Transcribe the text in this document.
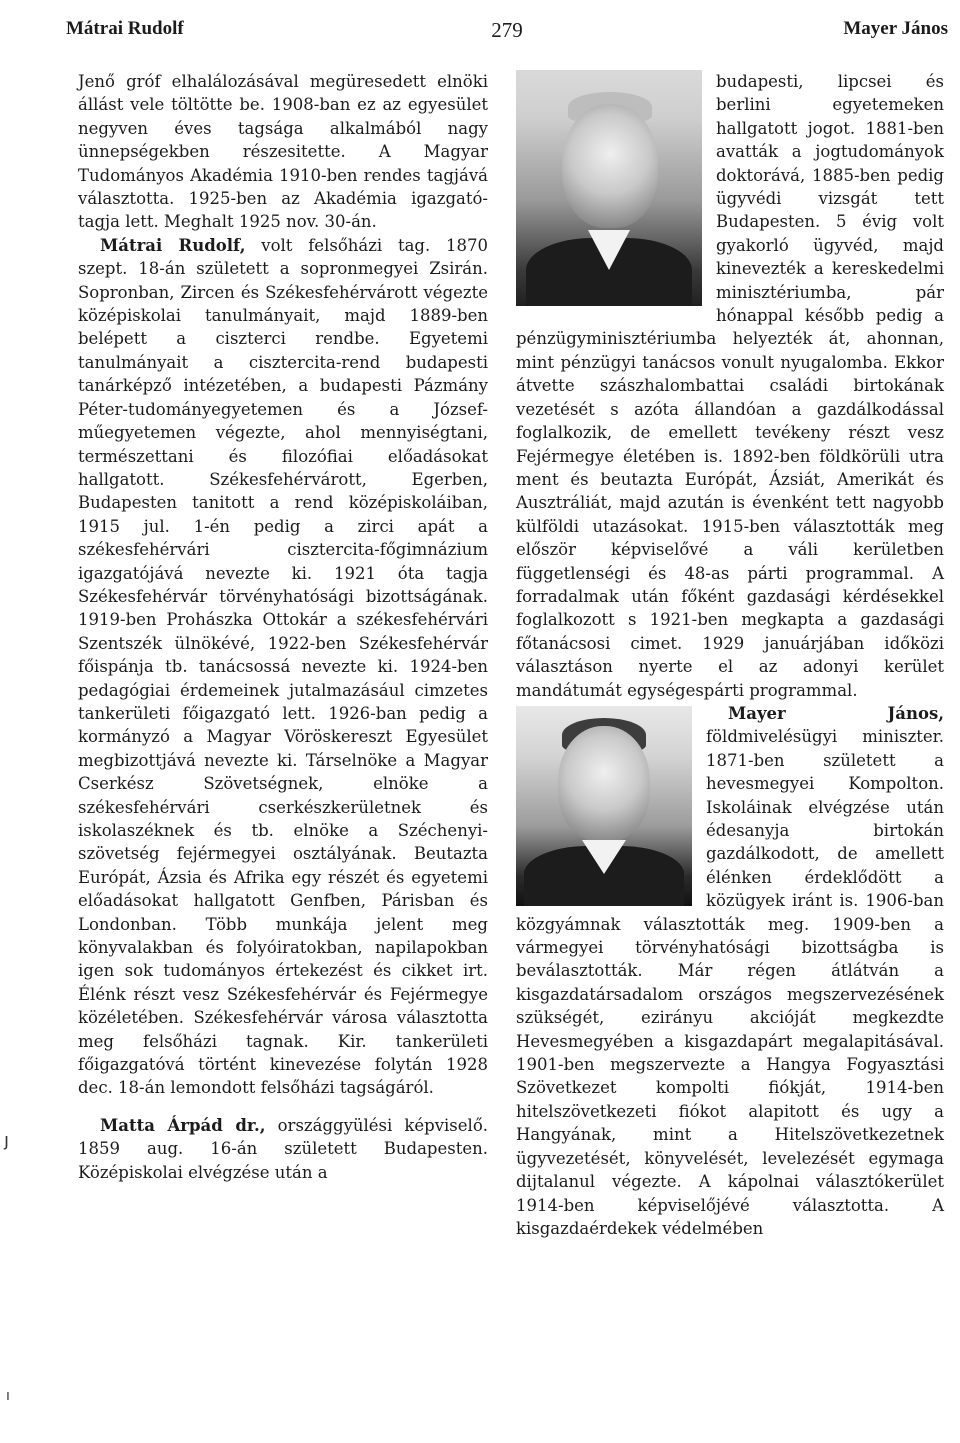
Mátrai Rudolf	279	Mayer János

Jenő gróf elhalálozásával megüresedett elnöki állást vele töltötte be. 1908-ban ez az egyesület negyven éves tagsága alkalmából nagy ünnepségekben részesitette. A Magyar Tudományos Akadémia 1910-ben rendes tagjává választotta. 1925-ben az Akadémia igazgató-tagja lett. Meghalt 1925 nov. 30-án.

Mátrai Rudolf, volt felsőházi tag. 1870 szept. 18-án született a sopronmegyei Zsirán. Sopronban, Zircen és Székesfehérvárott végezte középiskolai tanulmányait, majd 1889-ben belépett a ciszterci rendbe. Egyetemi tanulmányait a cisztercita-rend budapesti tanárképző intézetében, a budapesti Pázmány Péter-tudományegyetemen és a József-műegyetemen végezte, ahol mennyiségtani, természettani és filozófiai előadásokat hallgatott. Székesfehérvárott, Egerben, Budapesten tanitott a rend középiskoláiban, 1915 jul. 1-én pedig a zirci apát a székesfehérvári cisztercita-főgimnázium igazgatójává nevezte ki. 1921 óta tagja Székesfehérvár törvényhatósági bizottságának. 1919-ben Prohászka Ottokár a székesfehérvári Szentszék ülnökévé, 1922-ben Székesfehérvár főispánja tb. tanácsossá nevezte ki. 1924-ben pedagógiai érdemeinek jutalmazásául cimzetes tankerületi főigazgató lett. 1926-ban pedig a kormányzó a Magyar Vöröskereszt Egyesület megbizottjává nevezte ki. Társelnöke a Magyar Cserkész Szövetségnek, elnöke a székesfehérvári cserkészkerületnek és iskolaszéknek és tb. elnöke a Széchenyi-szövetség fejérmegyei osztályának. Beutazta Európát, Ázsia és Afrika egy részét és egyetemi előadásokat hallgatott Genfben, Párisban és Londonban. Több munkája jelent meg könyvalakban és folyóiratokban, napilapokban igen sok tudományos értekezést és cikket irt. Élénk részt vesz Székesfehérvár és Fejérmegye közéletében. Székesfehérvár városa választotta meg felsőházi tagnak. Kir. tankerületi főigazgatóvá történt kinevezése folytán 1928 dec. 18-án lemondott felsőházi tagságáról.

Matta Árpád dr., országgyülési képviselő. 1859 aug. 16-án született Budapesten. Középiskolai elvégzése után a

budapesti, lipcsei és berlini egyetemeken hallgatott jogot. 1881-ben avatták a jogtudományok doktorává, 1885-ben pedig ügyvédi vizsgát tett Budapesten. 5 évig volt gyakorló ügyvéd, majd kinevezték a kereskedelmi minisztériumba, pár hónappal később pedig a pénzügyminisztériumba helyezték át, ahonnan, mint pénzügyi tanácsos vonult nyugalomba. Ekkor átvette szászhalombattai családi birtokának vezetését s azóta állandóan a gazdálkodással foglalkozik, de emellett tevékeny részt vesz Fejérmegye életében is. 1892-ben földkörüli utra ment és beutazta Európát, Ázsiát, Amerikát és Ausztráliát, majd azután is évenként tett nagyobb külföldi utazásokat. 1915-ben választották meg először képviselővé a váli kerületben függetlenségi és 48-as párti programmal. A forradalmak után főként gazdasági kérdésekkel foglalkozott s 1921-ben megkapta a gazdasági főtanácsosi cimet. 1929 januárjában időközi választáson nyerte el az adonyi kerület mandátumát egységespárti programmal.

Mayer János,
földmivelésügyi miniszter. 1871-ben született a hevesmegyei Kompolton. Iskoláinak elvégzése után édesanyja birtokán gazdálkodott, de amellett élénken érdeklődött a közügyek iránt is. 1906-ban közgyámnak választották meg. 1909-ben a vármegyei törvényhatósági bizottságba is beválasztották. Már régen átlátván a kisgazdatársadalom országos megszervezésének szükségét, ezirányu akcióját megkezdte Hevesmegyében a kisgazdapárt megalapitásával. 1901-ben megszervezte a Hangya Fogyasztási Szövetkezet kompolti fiókját, 1914-ben hitelszövetkezeti fiókot alapitott és ugy a Hangyának, mint a Hitelszövetkezetnek ügyvezetését, könyvelését, levelezését egymaga dijtalanul végezte. A kápolnai választókerület 1914-ben képviselőjévé választotta. A kisgazdaérdekek védelmében

ȷ
ı
